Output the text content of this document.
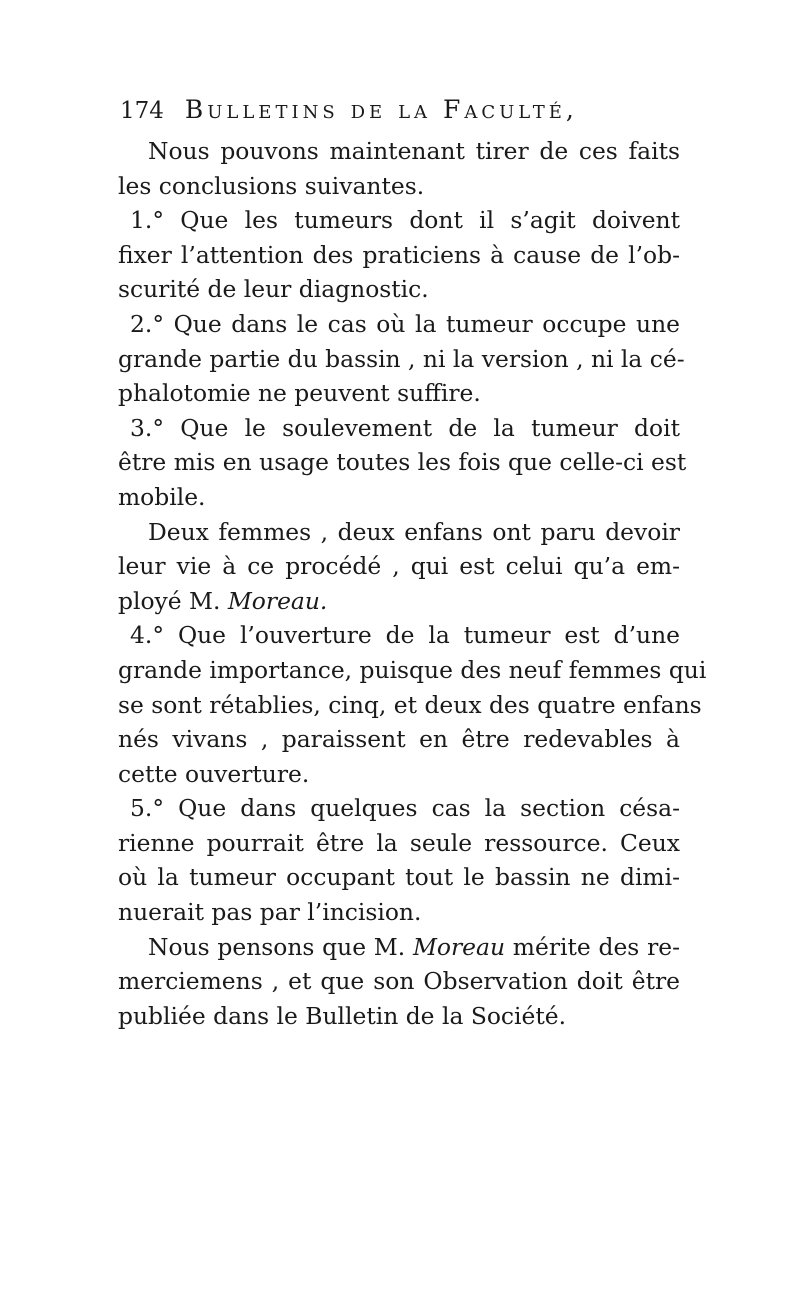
174 Bulletins de la Faculté,
Nous pouvons maintenant tirer de ces faits
les conclusions suivantes.
1.° Que les tumeurs dont il s’agit doivent
fixer l’attention des praticiens à cause de l’ob-
scurité de leur diagnostic.
2.° Que dans le cas où la tumeur occupe une
grande partie du bassin , ni la version , ni la cé-
phalotomie ne peuvent suffire.
3.° Que le soulevement de la tumeur doit
être mis en usage toutes les fois que celle-ci est
mobile.
Deux femmes , deux enfans ont paru devoir
leur vie à ce procédé , qui est celui qu’a em-
ployé M. Moreau.
4.° Que l’ouverture de la tumeur est d’une
grande importance, puisque des neuf femmes qui
se sont rétablies, cinq, et deux des quatre enfans
nés vivans , paraissent en être redevables à
cette ouverture.
5.° Que dans quelques cas la section césa-
rienne pourrait être la seule ressource. Ceux
où la tumeur occupant tout le bassin ne dimi-
nuerait pas par l’incision.
Nous pensons que M. Moreau mérite des re-
merciemens , et que son Observation doit être
publiée dans le Bulletin de la Société.
